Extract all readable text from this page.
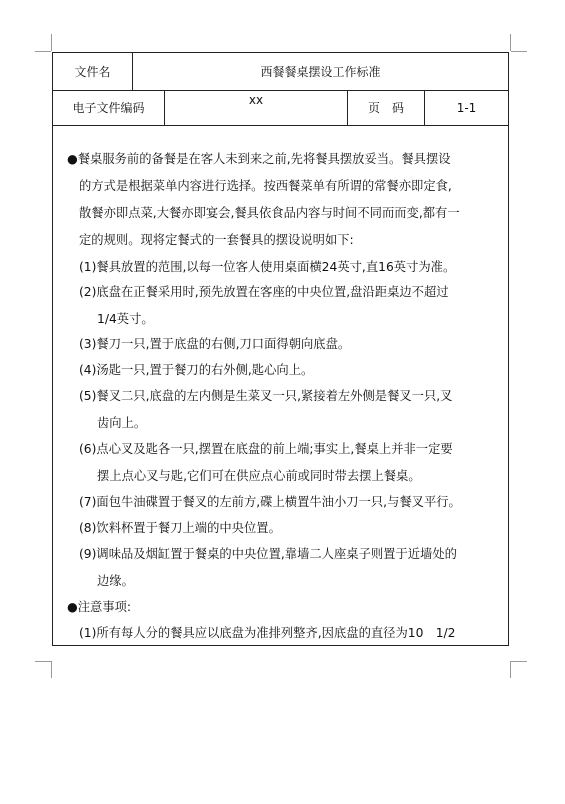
文件名	西餐餐桌摆设工作标准
电子文件编码
xx
页　码	1-1

●餐桌服务前的备餐是在客人未到来之前,先将餐具摆放妥当。餐具摆设

的方式是根据菜单内容进行选择。按西餐菜单有所谓的常餐亦即定食,

散餐亦即点菜,大餐亦即宴会,餐具依食品内容与时间不同而而变,都有一

定的规则。现将定餐式的一套餐具的摆设说明如下:

(1)餐具放置的范围,以每一位客人使用桌面横24英寸,直16英寸为准。
(2)底盘在正餐采用时,预先放置在客座的中央位置,盘沿距桌边不超过
1/4英寸。
(3)餐刀一只,置于底盘的右侧,刀口面得朝向底盘。
(4)汤匙一只,置于餐刀的右外侧,匙心向上。
(5)餐叉二只,底盘的左内侧是生菜叉一只,紧接着左外侧是餐叉一只,叉
齿向上。
(6)点心叉及匙各一只,摆置在底盘的前上端;事实上,餐桌上并非一定要
摆上点心叉与匙,它们可在供应点心前或同时带去摆上餐桌。
(7)面包牛油碟置于餐叉的左前方,碟上横置牛油小刀一只,与餐叉平行。
(8)饮料杯置于餐刀上端的中央位置。
(9)调味品及烟缸置于餐桌的中央位置,靠墙二人座桌子则置于近墙处的
边缘。

●注意事项:

(1)所有每人分的餐具应以底盘为准排列整齐,因底盘的直径为10　1/2
